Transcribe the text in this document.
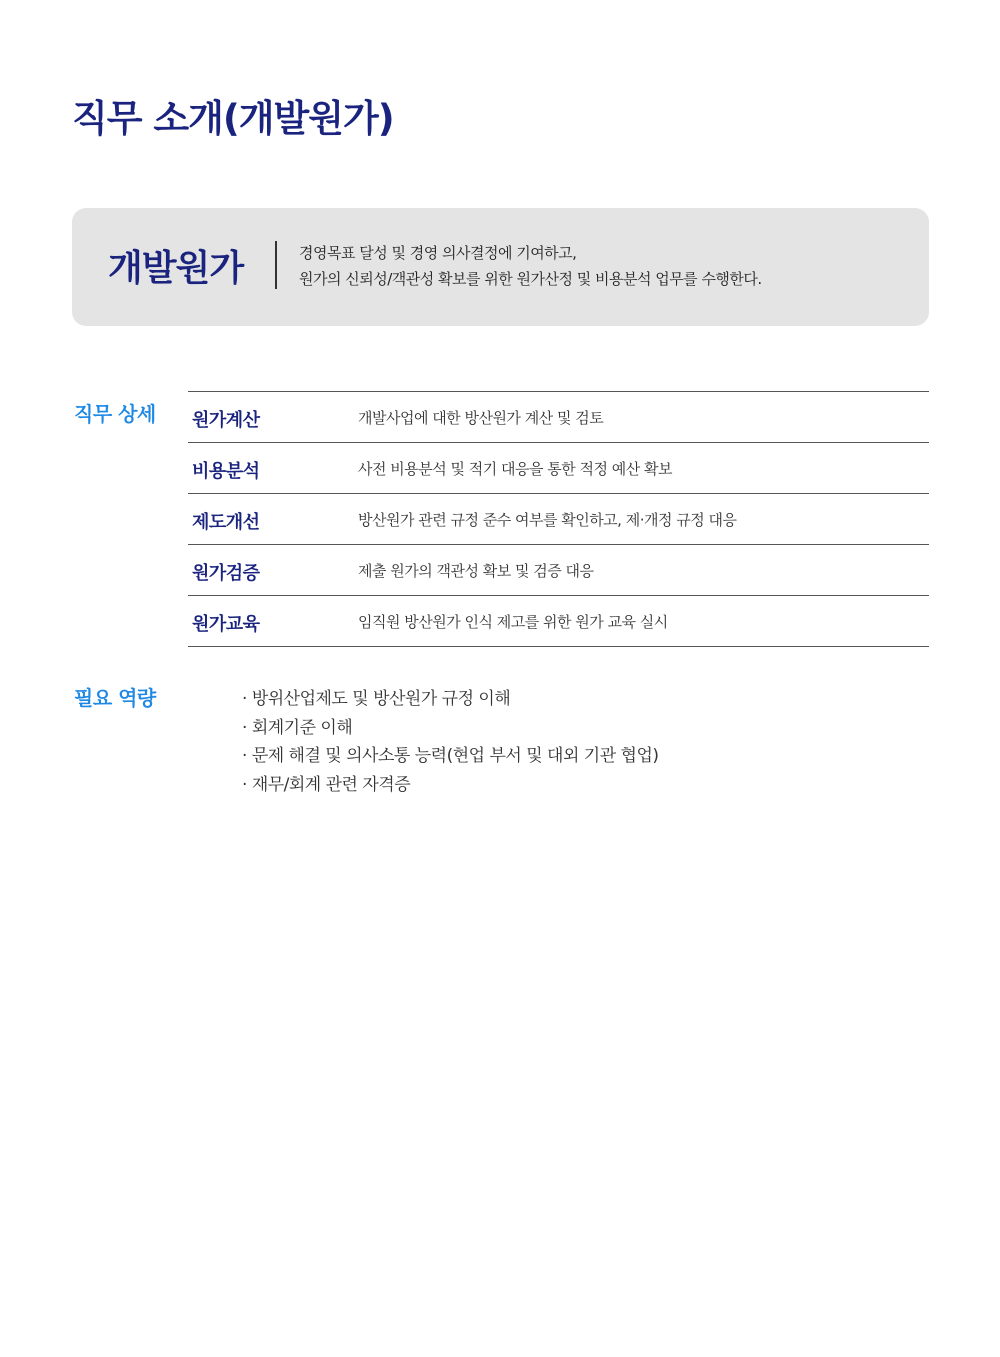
직무 소개(개발원가)
개발원가	경영목표 달성 및 경영 의사결정에 기여하고,
원가의 신뢰성/객관성 확보를 위한 원가산정 및 비용분석 업무를 수행한다.
직무 상세 원가계산	개발사업에 대한 방산원가 계산 및 검토
비용분석	사전 비용분석 및 적기 대응을 통한 적정 예산 확보
제도개선	방산원가 관련 규정 준수 여부를 확인하고, 제·개정 규정 대응
원가검증	제출 원가의 객관성 확보 및 검증 대응
원가교육	임직원 방산원가 인식 제고를 위한 원가 교육 실시
필요 역량
·	방위산업제도 및 방산원가 규정 이해
· 회계기준 이해
· 문제 해결 및 의사소통 능력(현업 부서 및 대외 기관 협업)
· 재무/회계 관련 자격증
